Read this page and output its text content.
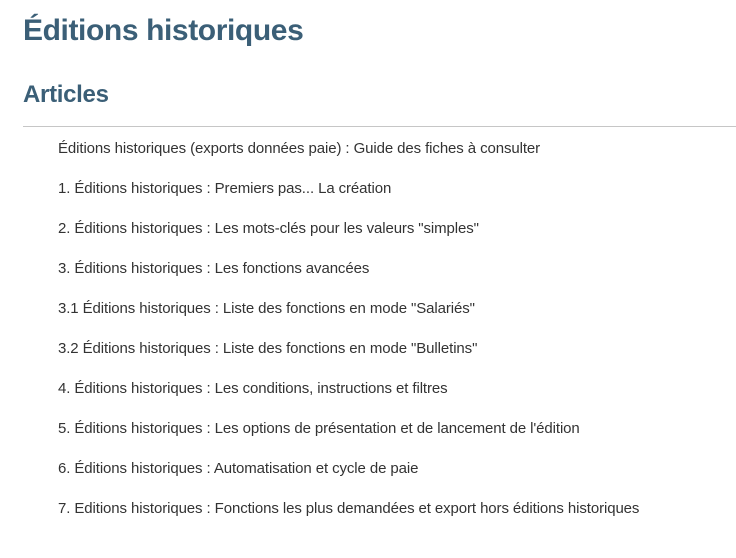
Éditions historiques
Articles
Éditions historiques (exports données paie) : Guide des fiches à consulter
1. Éditions historiques : Premiers pas... La création
2. Éditions historiques : Les mots-clés pour les valeurs "simples"
3. Éditions historiques : Les fonctions avancées
3.1 Éditions historiques : Liste des fonctions en mode "Salariés"
3.2 Éditions historiques : Liste des fonctions en mode "Bulletins"
4. Éditions historiques : Les conditions, instructions et filtres
5. Éditions historiques : Les options de présentation et de lancement de l'édition
6. Éditions historiques : Automatisation et cycle de paie
7. Editions historiques : Fonctions les plus demandées et export hors éditions historiques
